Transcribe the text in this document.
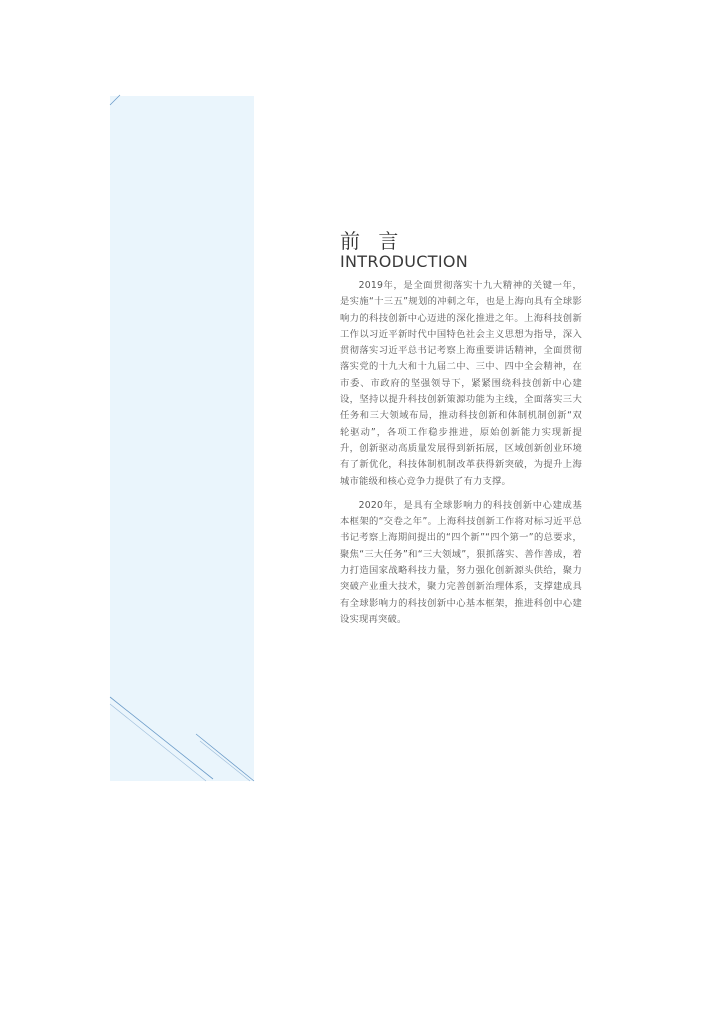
前 言
INTRODUCTION

2019年，是全面贯彻落实十九大精神的关键一年，是实施“十三五”规划的冲刺之年，也是上海向具有全球影响力的科技创新中心迈进的深化推进之年。上海科技创新工作以习近平新时代中国特色社会主义思想为指导，深入贯彻落实习近平总书记考察上海重要讲话精神，全面贯彻落实党的十九大和十九届二中、三中、四中全会精神，在市委、市政府的坚强领导下，紧紧围绕科技创新中心建设，坚持以提升科技创新策源功能为主线，全面落实三大任务和三大领域布局，推动科技创新和体制机制创新“双轮驱动”，各项工作稳步推进，原始创新能力实现新提升，创新驱动高质量发展得到新拓展，区域创新创业环境有了新优化，科技体制机制改革获得新突破，为提升上海城市能级和核心竞争力提供了有力支撑。

2020年，是具有全球影响力的科技创新中心建成基本框架的“交卷之年”。上海科技创新工作将对标习近平总书记考察上海期间提出的“四个新”“四个第一”的总要求，聚焦“三大任务”和“三大领域”，狠抓落实、善作善成，着力打造国家战略科技力量，努力强化创新源头供给，聚力突破产业重大技术，聚力完善创新治理体系，支撑建成具有全球影响力的科技创新中心基本框架，推进科创中心建设实现再突破。
